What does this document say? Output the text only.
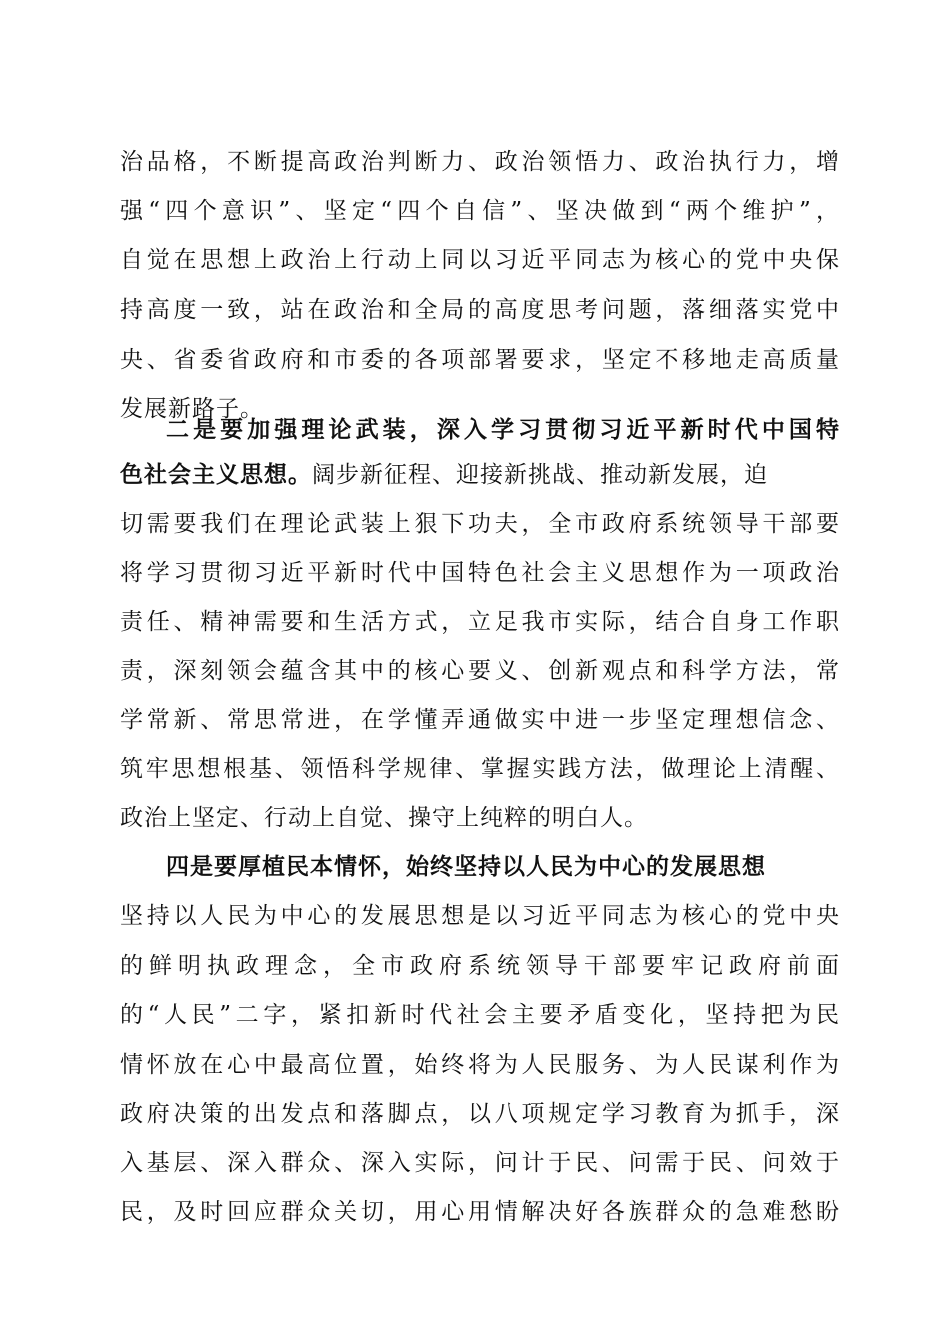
治品格，不断提高政治判断力、政治领悟力、政治执行力，增
强“四个意识”、坚定“四个自信”、坚决做到“两个维护”，
自觉在思想上政治上行动上同以习近平同志为核心的党中央保
持高度一致，站在政治和全局的高度思考问题，落细落实党中
央、省委省政府和市委的各项部署要求，坚定不移地走高质量
发展新路子。
二是要加强理论武装，深入学习贯彻习近平新时代中国特
色社会主义思想。阔步新征程、迎接新挑战、推动新发展，迫
切需要我们在理论武装上狠下功夫，全市政府系统领导干部要
将学习贯彻习近平新时代中国特色社会主义思想作为一项政治
责任、精神需要和生活方式，立足我市实际，结合自身工作职
责，深刻领会蕴含其中的核心要义、创新观点和科学方法，常
学常新、常思常进，在学懂弄通做实中进一步坚定理想信念、
筑牢思想根基、领悟科学规律、掌握实践方法，做理论上清醒、
政治上坚定、行动上自觉、操守上纯粹的明白人。
四是要厚植民本情怀，始终坚持以人民为中心的发展思想
坚持以人民为中心的发展思想是以习近平同志为核心的党中央
的鲜明执政理念，全市政府系统领导干部要牢记政府前面
的“人民”二字，紧扣新时代社会主要矛盾变化，坚持把为民
情怀放在心中最高位置，始终将为人民服务、为人民谋利作为
政府决策的出发点和落脚点，以八项规定学习教育为抓手，深
入基层、深入群众、深入实际，问计于民、问需于民、问效于
民，及时回应群众关切，用心用情解决好各族群众的急难愁盼
